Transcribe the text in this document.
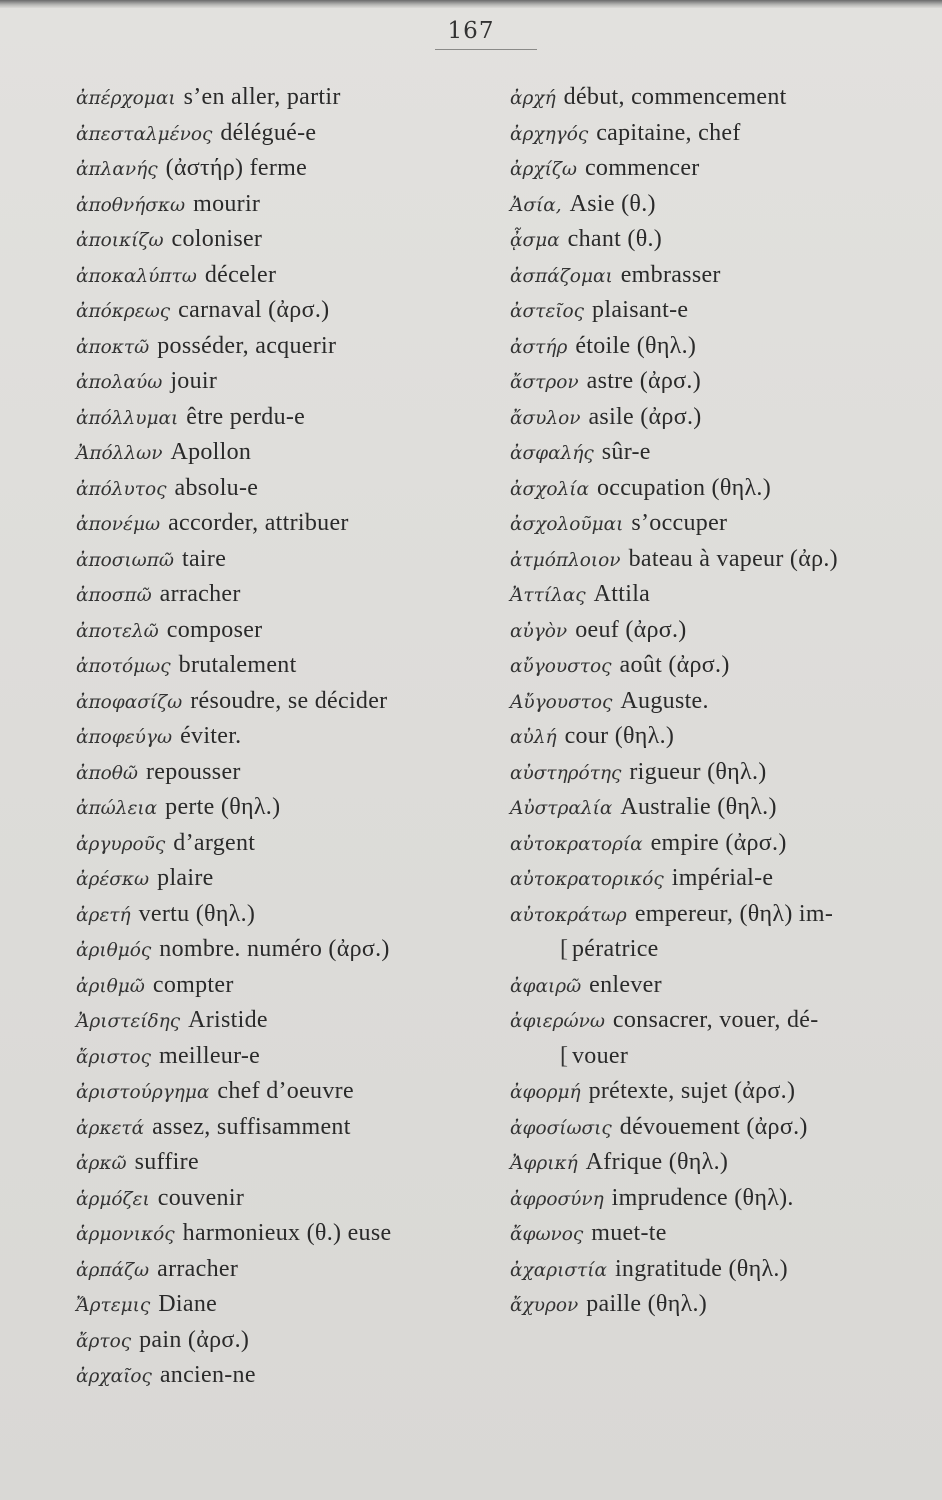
167
ἀπέρχομαι s’en aller, partir
ἀπεσταλμένος délégué-e
ἀπλανής (ἀστήρ) ferme
ἀποθνήσκω mourir
ἀποικίζω coloniser
ἀποκαλύπτω déceler
ἀπόκρεως carnaval (ἀρσ.)
ἀποκτῶ posséder, acquerir
ἀπολαύω jouir
ἀπόλλυμαι être perdu-e
Ἀπόλλων Apollon
ἀπόλυτος absolu-e
ἀπονέμω accorder, attribuer
ἀποσιωπῶ taire
ἀποσπῶ arracher
ἀποτελῶ composer
ἀποτόμως brutalement
ἀποφασίζω résoudre, se décider
ἀποφεύγω éviter.
ἀποθῶ repousser
ἀπώλεια perte (θηλ.)
ἀργυροῦς d’argent
ἀρέσκω plaire
ἀρετή vertu (θηλ.)
ἀριθμός nombre. numéro (ἀρσ.)
ἀριθμῶ compter
Ἀριστείδης Aristide
ἄριστος meilleur-e
ἀριστούργημα chef d’oeuvre
ἀρκετά assez, suffisamment
ἀρκῶ suffire
ἁρμόζει couvenir
ἁρμονικός harmonieux (θ.) euse
ἁρπάζω arracher
Ἄρτεμις Diane
ἄρτος pain (ἀρσ.)
ἀρχαῖος ancien-ne
ἀρχή début, commencement
ἀρχηγός capitaine, chef
ἀρχίζω commencer
Ἀσία, Asie (θ.)
ᾆσμα chant (θ.)
ἀσπάζομαι embrasser
ἀστεῖος plaisant-e
ἀστήρ étoile (θηλ.)
ἄστρον astre (ἀρσ.)
ἄσυλον asile (ἀρσ.)
ἀσφαλής sûr-e
ἀσχολία occupation (θηλ.)
ἀσχολοῦμαι s’occuper
ἀτμόπλοιον bateau à vapeur (ἀρ.)
Ἀττίλας Attila
αὐγὸν oeuf (ἀρσ.)
αὔγουστος août (ἀρσ.)
Αὔγουστος Auguste.
αὐλή cour (θηλ.)
αὐστηρότης rigueur (θηλ.)
Αὐστραλία Australie (θηλ.)
αὐτοκρατορία empire (ἀρσ.)
αὐτοκρατορικός impérial-e
αὐτοκράτωρ empereur, (θηλ) im-
[ pératrice
ἀφαιρῶ enlever
ἀφιερώνω consacrer, vouer, dé-
[ vouer
ἀφορμή prétexte, sujet (ἀρσ.)
ἀφοσίωσις dévouement (ἀρσ.)
Ἀφρική Afrique (θηλ.)
ἀφροσύνη imprudence (θηλ).
ἄφωνος muet-te
ἀχαριστία ingratitude (θηλ.)
ἄχυρον paille (θηλ.)
